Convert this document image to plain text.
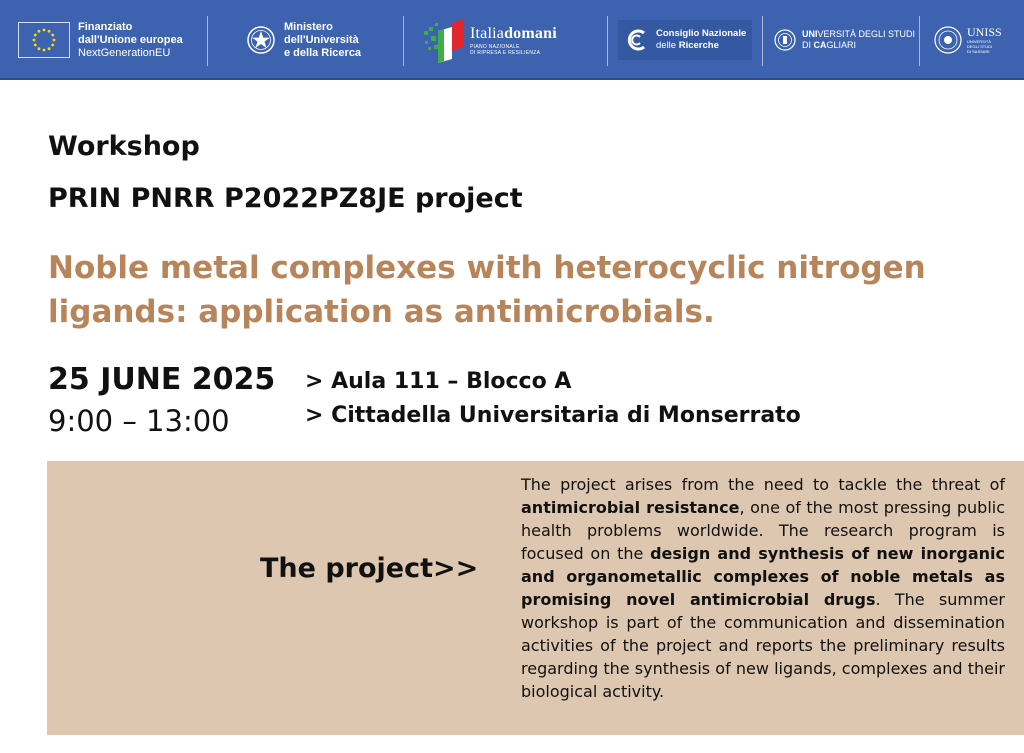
Finanziato
dall'Unione europea
NextGenerationEU
Ministero
dell'Università
e della Ricerca
Italiadomani
PIANO NAZIONALE
DI RIPRESA E RESILIENZA
Consiglio Nazionale
delle Ricerche
UNIVERSITÀ DEGLI STUDI
DI CAGLIARI
UNISS
UNIVERSITÀ
DEGLI STUDI
DI SASSARI
Workshop
PRIN PNRR P2022PZ8JE project
Noble metal complexes with heterocyclic nitrogen
ligands: application as antimicrobials.
25 JUNE 2025
9:00 – 13:00
> Aula 111 – Blocco A
> Cittadella Universitaria di Monserrato
The project>>
The project arises from the need to tackle the threat of antimicrobial resistance, one of the most pressing public health problems worldwide. The research program is focused on the design and synthesis of new inorganic and organometallic complexes of noble metals as promising novel antimicrobial drugs. The summer workshop is part of the communication and dissemination activities of the project and reports the preliminary results regarding the synthesis of new ligands, complexes and their biological activity.
